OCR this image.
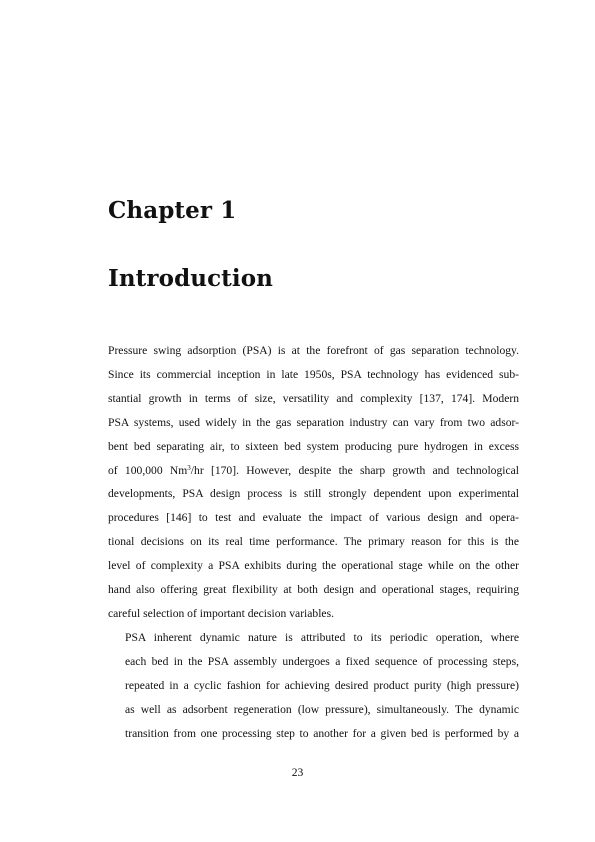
Chapter 1
Introduction

Pressure swing adsorption (PSA) is at the forefront of gas separation technology.
Since its commercial inception in late 1950s, PSA technology has evidenced sub-
stantial growth in terms of size, versatility and complexity [137, 174]. Modern
PSA systems, used widely in the gas separation industry can vary from two adsor-
bent bed separating air, to sixteen bed system producing pure hydrogen in excess
of 100,000 Nm$^3$/hr [170]. However, despite the sharp growth and technological
developments, PSA design process is still strongly dependent upon experimental
procedures [146] to test and evaluate the impact of various design and opera-
tional decisions on its real time performance. The primary reason for this is the
level of complexity a PSA exhibits during the operational stage while on the other
hand also offering great flexibility at both design and operational stages, requiring
careful selection of important decision variables.

PSA inherent dynamic nature is attributed to its periodic operation, where
each bed in the PSA assembly undergoes a fixed sequence of processing steps,
repeated in a cyclic fashion for achieving desired product purity (high pressure)
as well as adsorbent regeneration (low pressure), simultaneously. The dynamic
transition from one processing step to another for a given bed is performed by a

23
